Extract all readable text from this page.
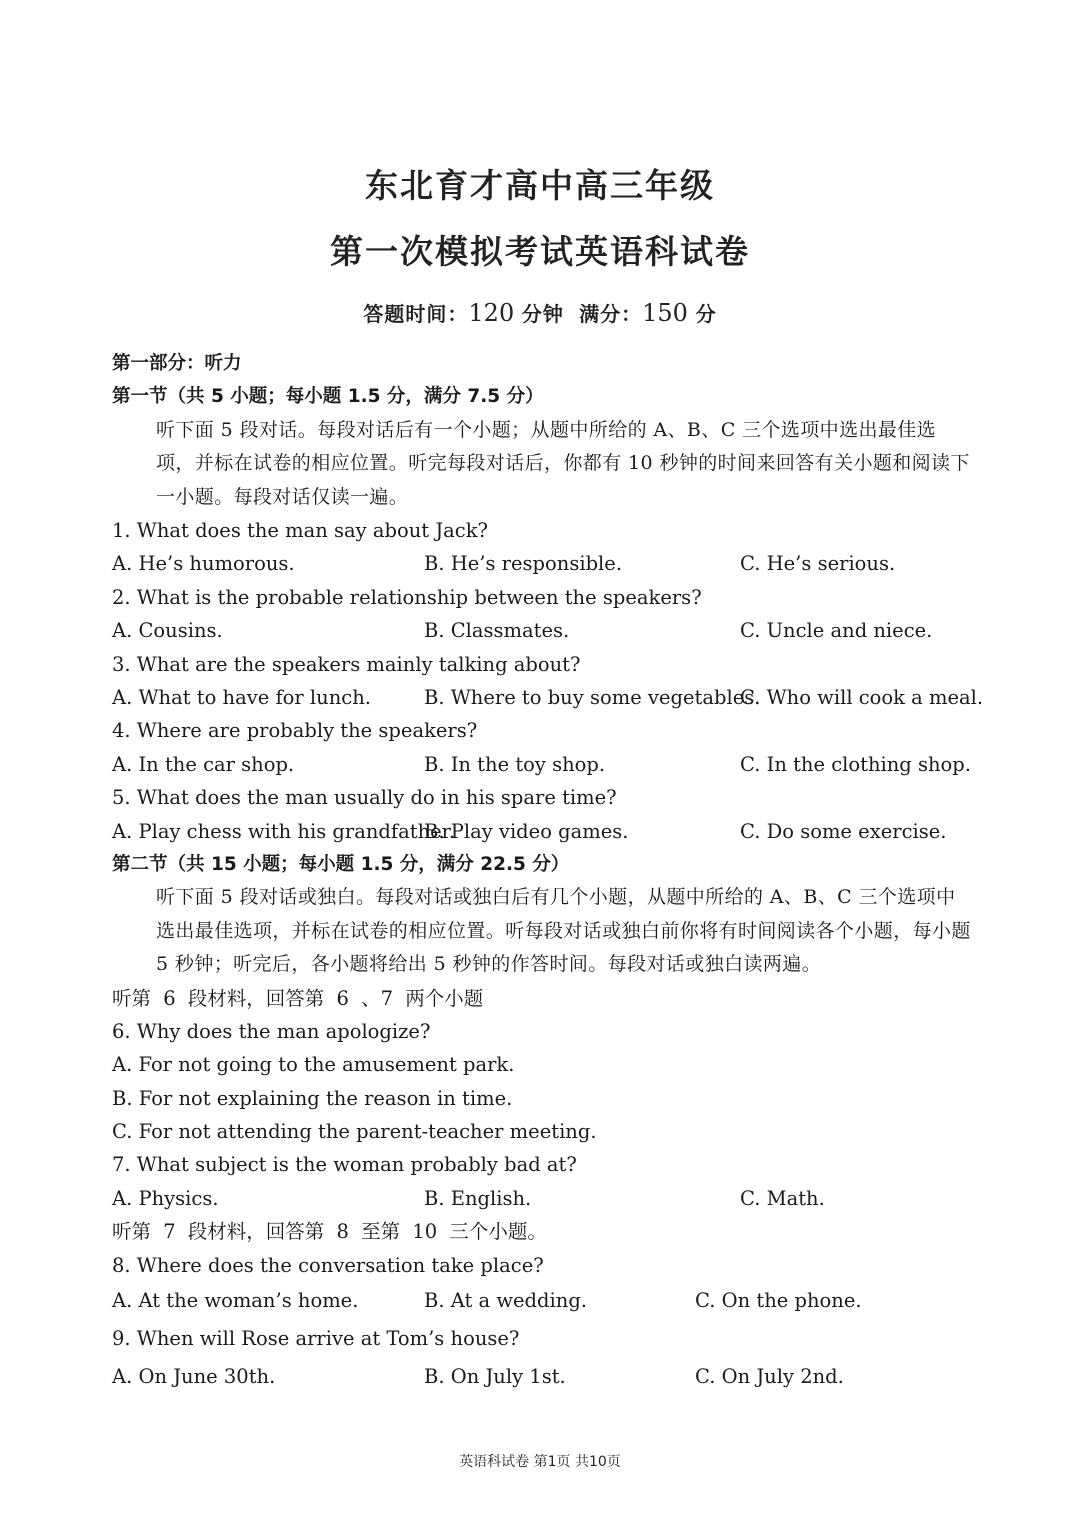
东北育才高中高三年级
第一次模拟考试英语科试卷
答题时间：120 分钟 满分：150 分
第一部分：听力
第一节（共 5 小题；每小题 1.5 分，满分 7.5 分）
听下面 5 段对话。每段对话后有一个小题；从题中所给的 A、B、C 三个选项中选出最佳选项，并标在试卷的相应位置。听完每段对话后，你都有 10 秒钟的时间来回答有关小题和阅读下一小题。每段对话仅读一遍。
1. What does the man say about Jack?
A. He’s humorous.	B. He’s responsible.	C. He’s serious.
2. What is the probable relationship between the speakers?
A. Cousins.	B. Classmates.	C. Uncle and niece.
3. What are the speakers mainly talking about?
A. What to have for lunch.	B. Where to buy some vegetables.
C. Who will cook a meal.
4. Where are probably the speakers?
A. In the car shop.	B. In the toy shop.	C. In the clothing shop.
5. What does the man usually do in his spare time?
A. Play chess with his grandfather.
B. Play video games.	C. Do some exercise.
第二节（共 15 小题；每小题 1.5 分，满分 22.5 分）
听下面 5 段对话或独白。每段对话或独白后有几个小题，从题中所给的 A、B、C 三个选项中选出最佳选项，并标在试卷的相应位置。听每段对话或独白前你将有时间阅读各个小题，每小题 5 秒钟；听完后，各小题将给出 5 秒钟的作答时间。每段对话或独白读两遍。
听第 6 段材料，回答第 6 、7 两个小题
6. Why does the man apologize?
A. For not going to the amusement park.
B. For not explaining the reason in time.
C. For not attending the parent-teacher meeting.
7. What subject is the woman probably bad at?
A. Physics.	B. English.	C. Math.
听第 7 段材料，回答第 8 至第 10 三个小题。
8. Where does the conversation take place?
A. At the woman’s home.	B. At a wedding.	C. On the phone.
9. When will Rose arrive at Tom’s house?
A. On June 30th.	B. On July 1st.	C. On July 2nd.
英语科试卷 第1页 共10页
